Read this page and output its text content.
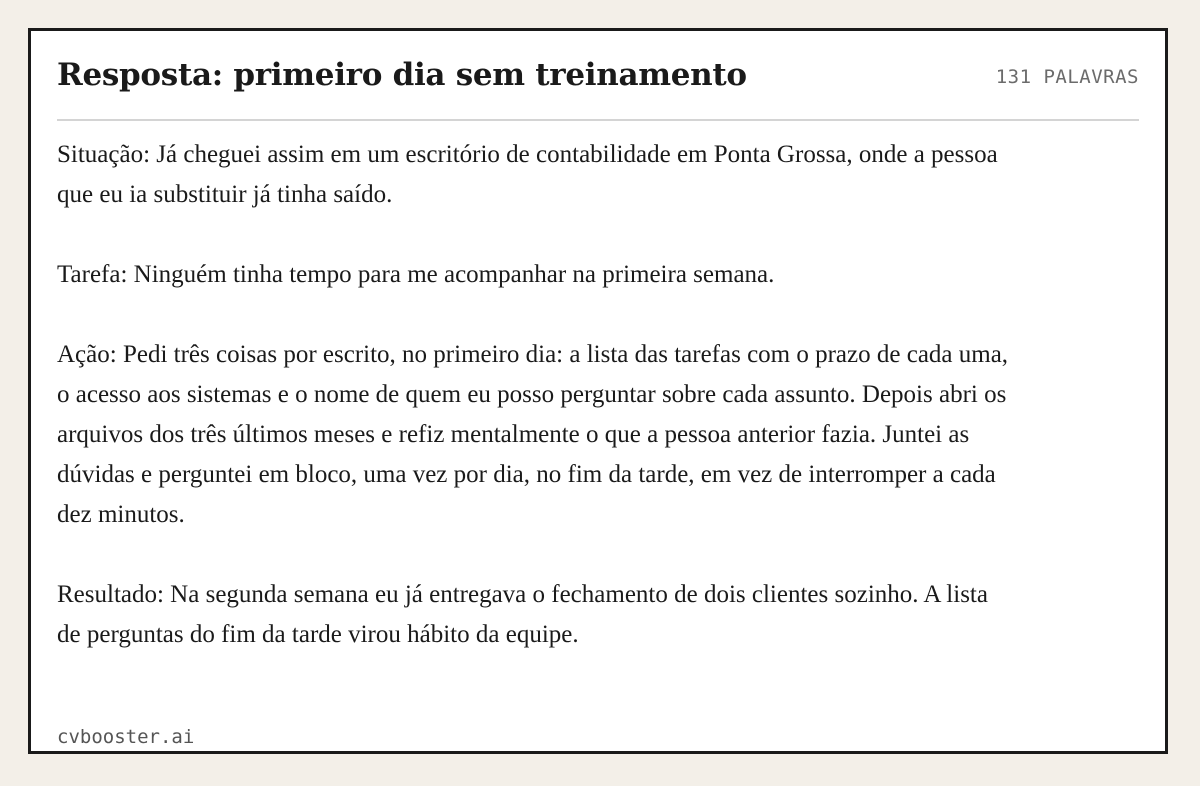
Resposta: primeiro dia sem treinamento	131 PALAVRAS

Situação: Já cheguei assim em um escritório de contabilidade em Ponta Grossa, onde a pessoa que eu ia substituir já tinha saído.

Tarefa: Ninguém tinha tempo para me acompanhar na primeira semana.

Ação: Pedi três coisas por escrito, no primeiro dia: a lista das tarefas com o prazo de cada uma, o acesso aos sistemas e o nome de quem eu posso perguntar sobre cada assunto. Depois abri os arquivos dos três últimos meses e refiz mentalmente o que a pessoa anterior fazia. Juntei as dúvidas e perguntei em bloco, uma vez por dia, no fim da tarde, em vez de interromper a cada dez minutos.

Resultado: Na segunda semana eu já entregava o fechamento de dois clientes sozinho. A lista de perguntas do fim da tarde virou hábito da equipe.

cvbooster.ai
